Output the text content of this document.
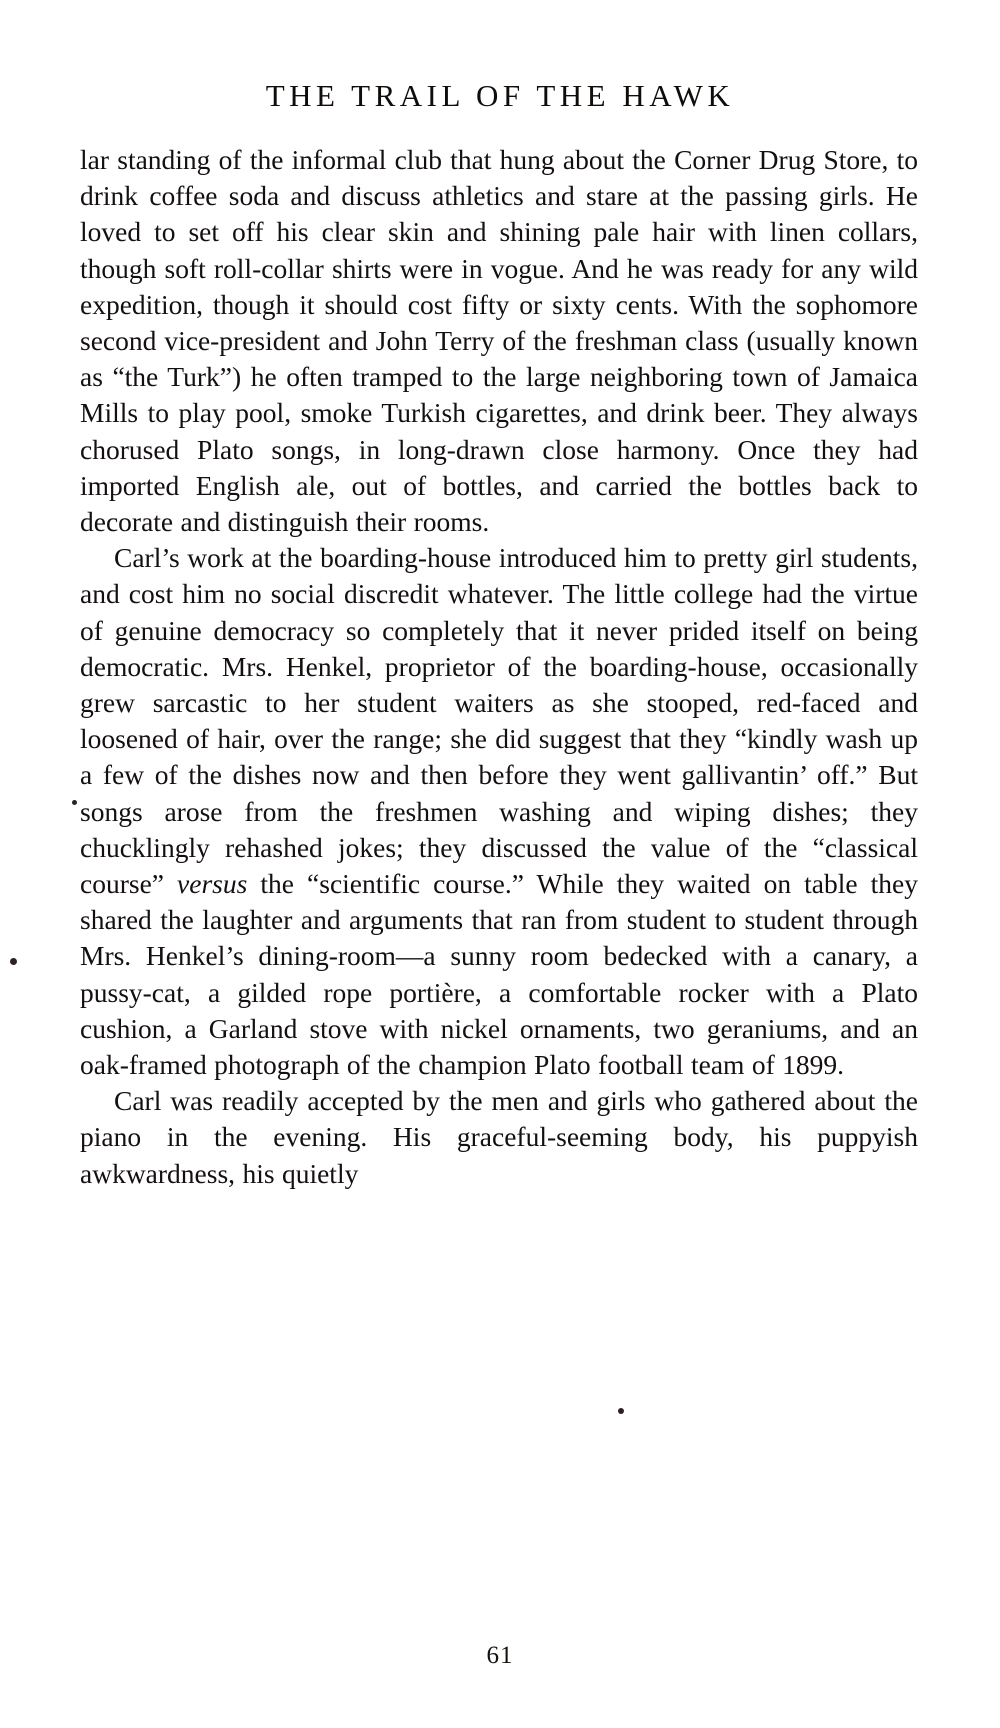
THE TRAIL OF THE HAWK

lar standing of the informal club that hung about the Corner Drug Store, to drink coffee soda and discuss athletics and stare at the passing girls. He loved to set off his clear skin and shining pale hair with linen collars, though soft roll-collar shirts were in vogue. And he was ready for any wild expedition, though it should cost fifty or sixty cents. With the sophomore second vice-president and John Terry of the freshman class (usually known as “the Turk”) he often tramped to the large neighboring town of Jamaica Mills to play pool, smoke Turkish cigarettes, and drink beer. They always chorused Plato songs, in long-drawn close harmony. Once they had imported English ale, out of bottles, and carried the bottles back to decorate and distinguish their rooms.

Carl’s work at the boarding-house introduced him to pretty girl students, and cost him no social discredit whatever. The little college had the virtue of genuine democracy so completely that it never prided itself on being democratic. Mrs. Henkel, proprietor of the boarding-house, occasionally grew sarcastic to her student waiters as she stooped, red-faced and loosened of hair, over the range; she did suggest that they “kindly wash up a few of the dishes now and then before they went gallivantin’ off.” But songs arose from the freshmen washing and wiping dishes; they chucklingly rehashed jokes; they discussed the value of the “classical course” versus the “scientific course.” While they waited on table they shared the laughter and arguments that ran from student to student through Mrs. Henkel’s dining-room—a sunny room bedecked with a canary, a pussy-cat, a gilded rope portière, a comfortable rocker with a Plato cushion, a Garland stove with nickel ornaments, two geraniums, and an oak-framed photograph of the champion Plato football team of 1899.

Carl was readily accepted by the men and girls who gathered about the piano in the evening. His graceful-seeming body, his puppyish awkwardness, his quietly

61
